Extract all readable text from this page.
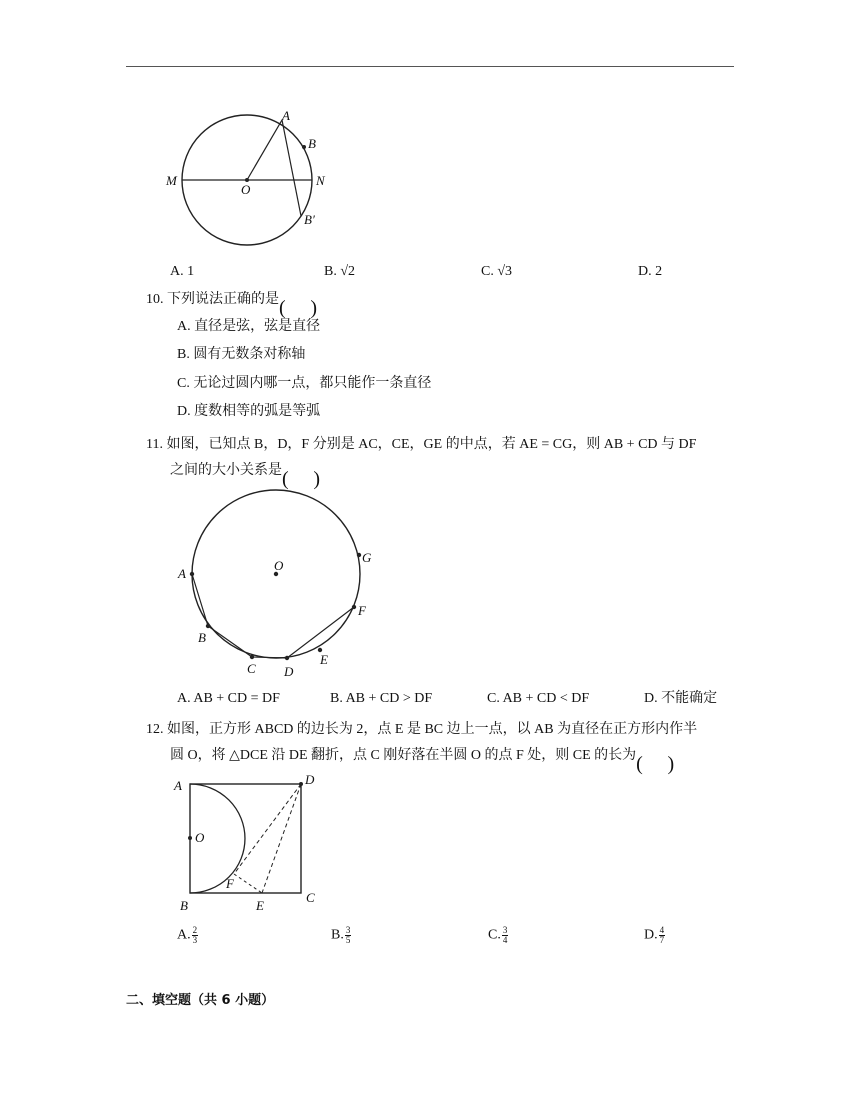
A
B
B′
M	N
O
A. 1	B. √2	C. √3	D. 2
10. 下列说法正确的是
A. 直径是弦，弦是直径
B. 圆有无数条对称轴
C. 无论过圆内哪一点，都只能作一条直径
D. 度数相等的弧是等弧
11. 如图，已知点 B，D，F 分别是 AC，CE，GE 的中点，若 AE = CG，则 AB + CD 与 DF
之间的大小关系是
A
B
C D
E
F
G
O
A. AB + CD = DF	B. AB + CD > DF	C. AB + CD < DF	D. 不能确定
12. 如图，正方形 ABCD 的边长为 2，点 E 是 BC 边上一点，以 AB 为直径在正方形内作半
圆 O，将 △DCE 沿 DE 翻折，点 C 刚好落在半圆 O 的点 F 处，则 CE 的长为
A
B
C
D
E
F
O
A. $\frac{2}{3}$	B. $\frac{3}{5}$	C. $\frac{3}{4}$	D. $\frac{4}{7}$
二、填空题（共 6 小题）
